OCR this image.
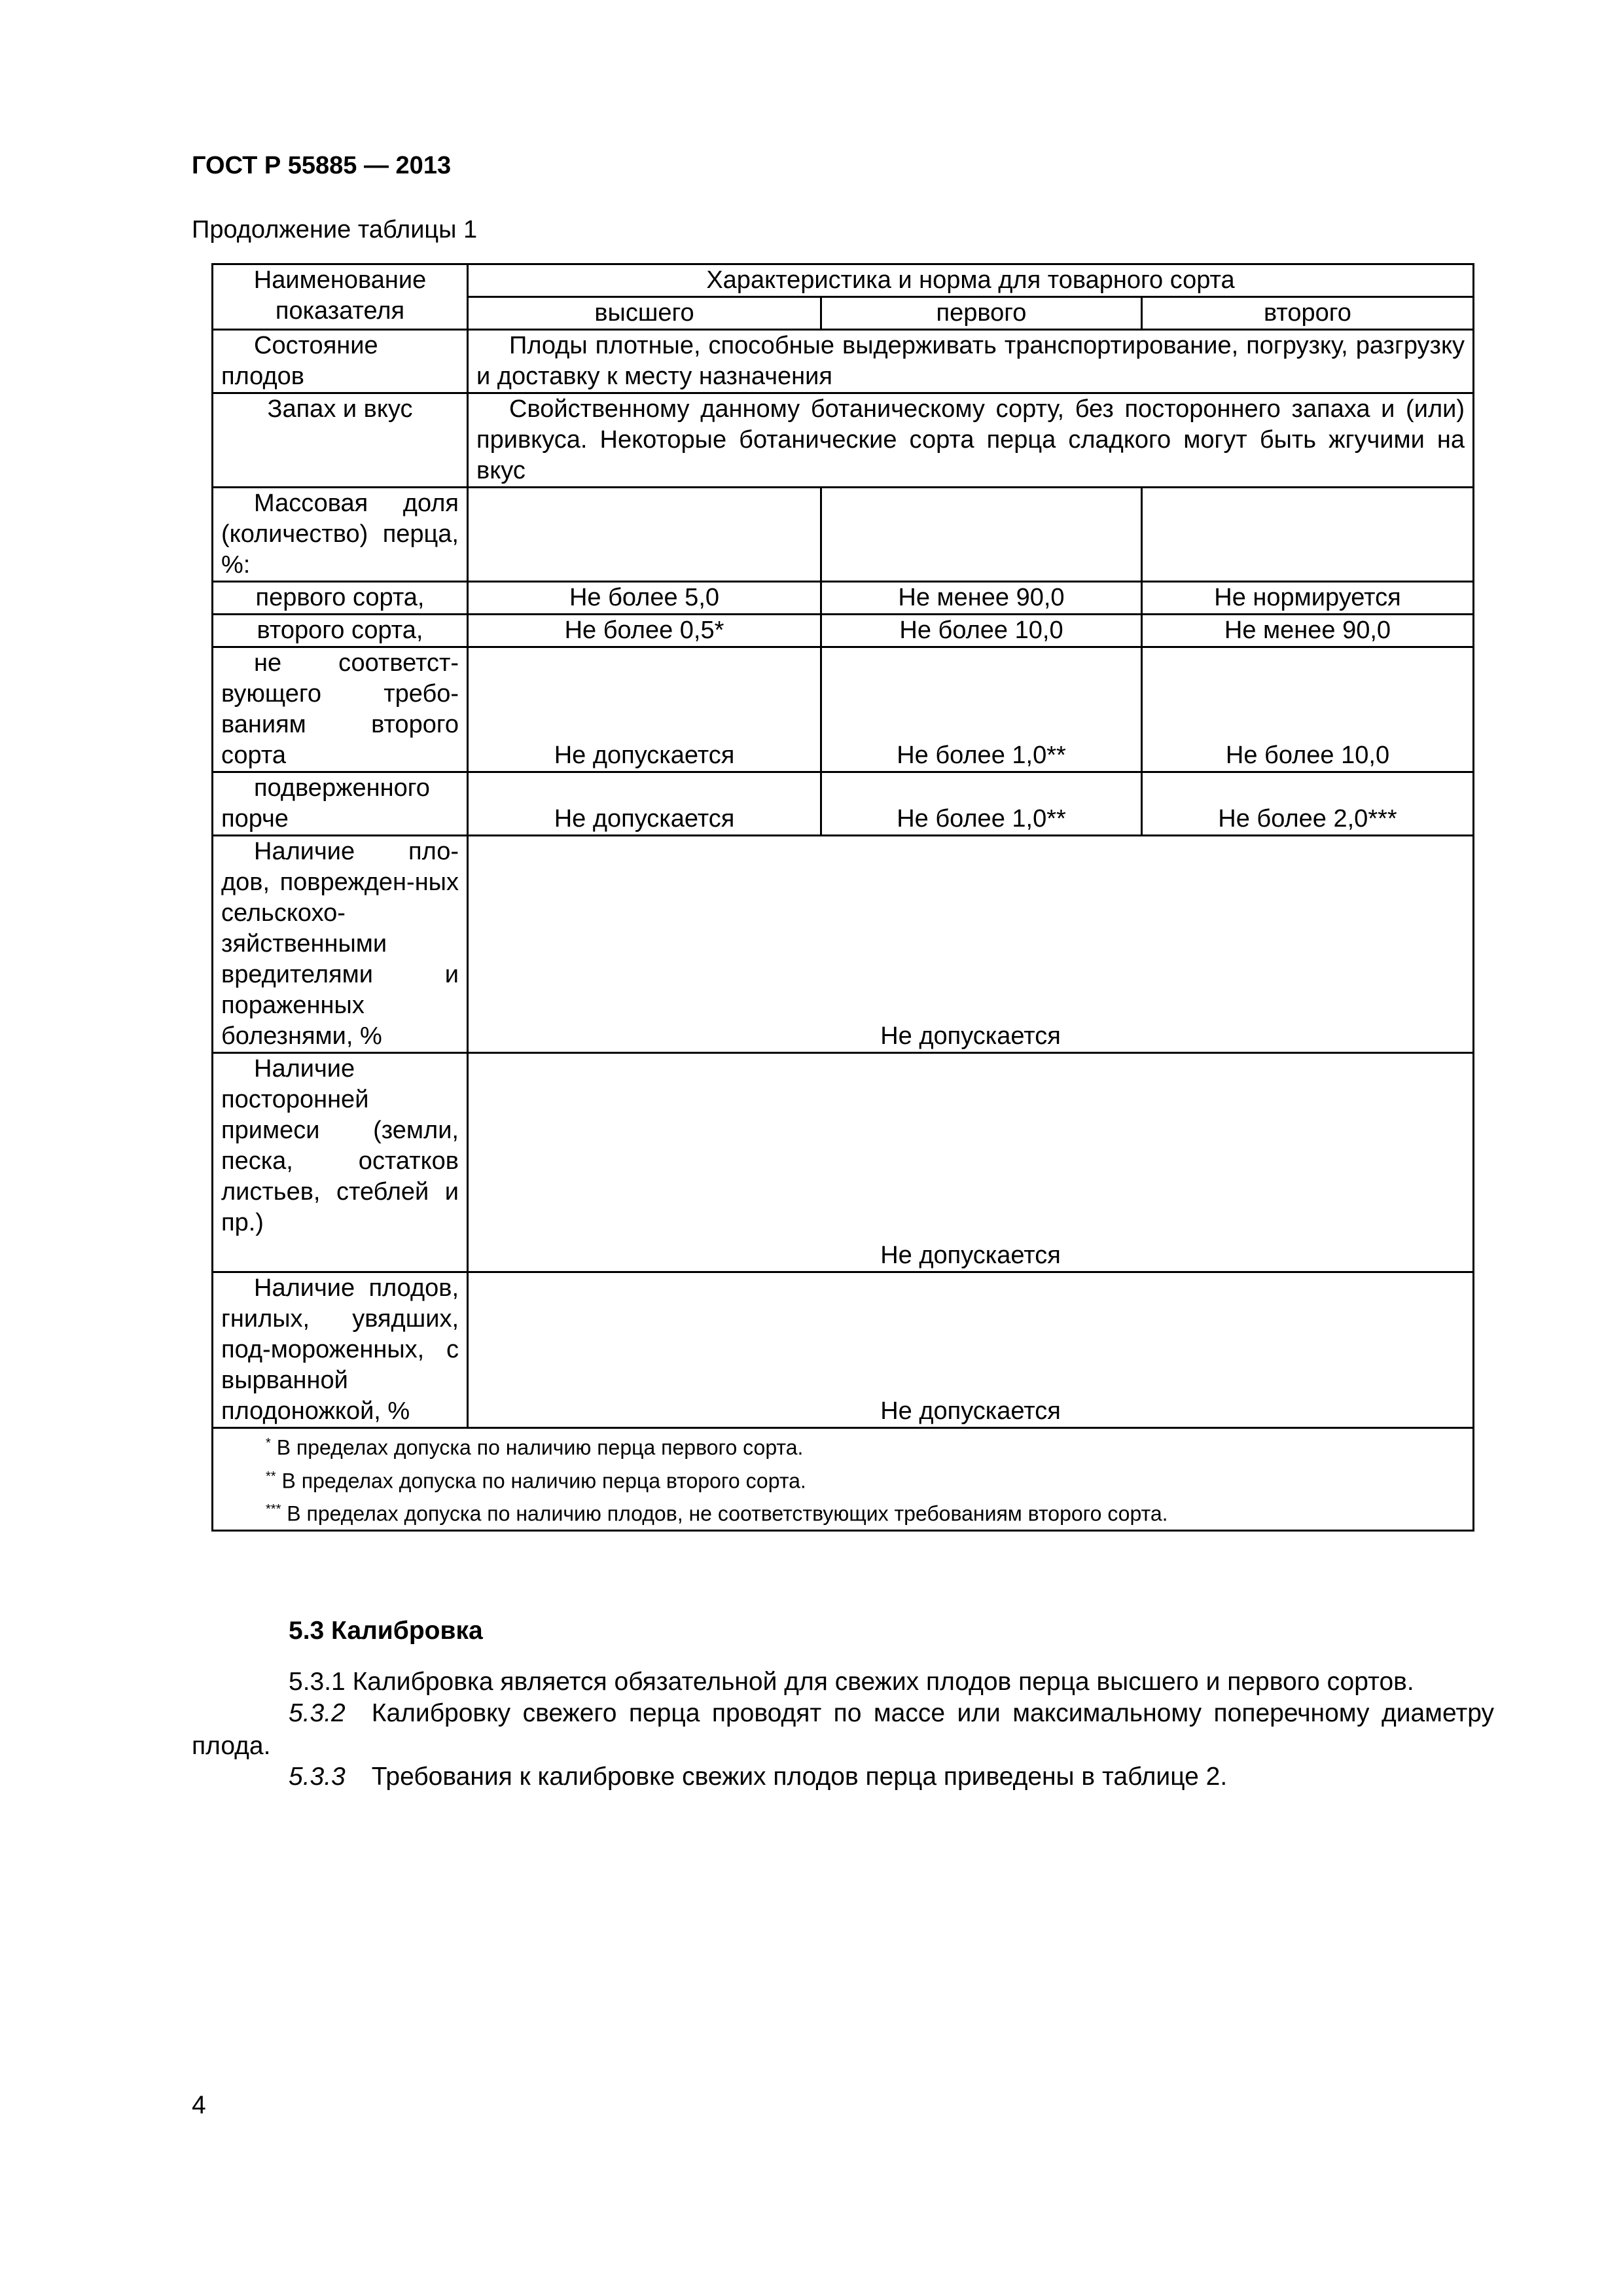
ГОСТ Р 55885 — 2013
Продолжение таблицы 1
Наименование показателя	Характеристика и норма для товарного сорта		
	высшего	первого	второго
Состояние плодов	Плоды плотные, способные выдерживать транспортирование, погрузку, разгрузку и доставку к месту назначения		
Запах и вкус	Свойственному данному ботаническому сорту, без постороннего запаха и (или) привкуса. Некоторые ботанические сорта перца сладкого могут быть жгучими на вкус		
Массовая доля (количество) перца, %:			
первого сорта,	Не более 5,0	Не менее 90,0	Не нормируется
второго сорта,	Не более 0,5*	Не более 10,0	Не менее 90,0
не соответст-вующего требо-ваниям второго сорта	Не допускается	Не более 1,0**	Не более 10,0
подверженного порче	Не допускается	Не более 1,0**	Не более 2,0***
Наличие пло-дов, поврежден-ных сельскохо-зяйственными вредителями и пораженных болезнями, %	Не допускается		
Наличие посторонней примеси (земли, песка, остатков листьев, стеблей и пр.)	Не допускается		
Наличие плодов, гнилых, увядших, под-мороженных, с вырванной плодоножкой, %	Не допускается		

* В пределах допуска по наличию перца первого сорта.
** В пределах допуска по наличию перца второго сорта.
*** В пределах допуска по наличию плодов, не соответствующих требованиям второго сорта.			
5.3 Калибровка
5.3.1 Калибровка является обязательной для свежих плодов перца высшего и первого сортов.
5.3.2 Калибровку свежего перца проводят по массе или максимальному поперечному диаметру плода.
5.3.3 Требования к калибровке свежих плодов перца приведены в таблице 2.
4
